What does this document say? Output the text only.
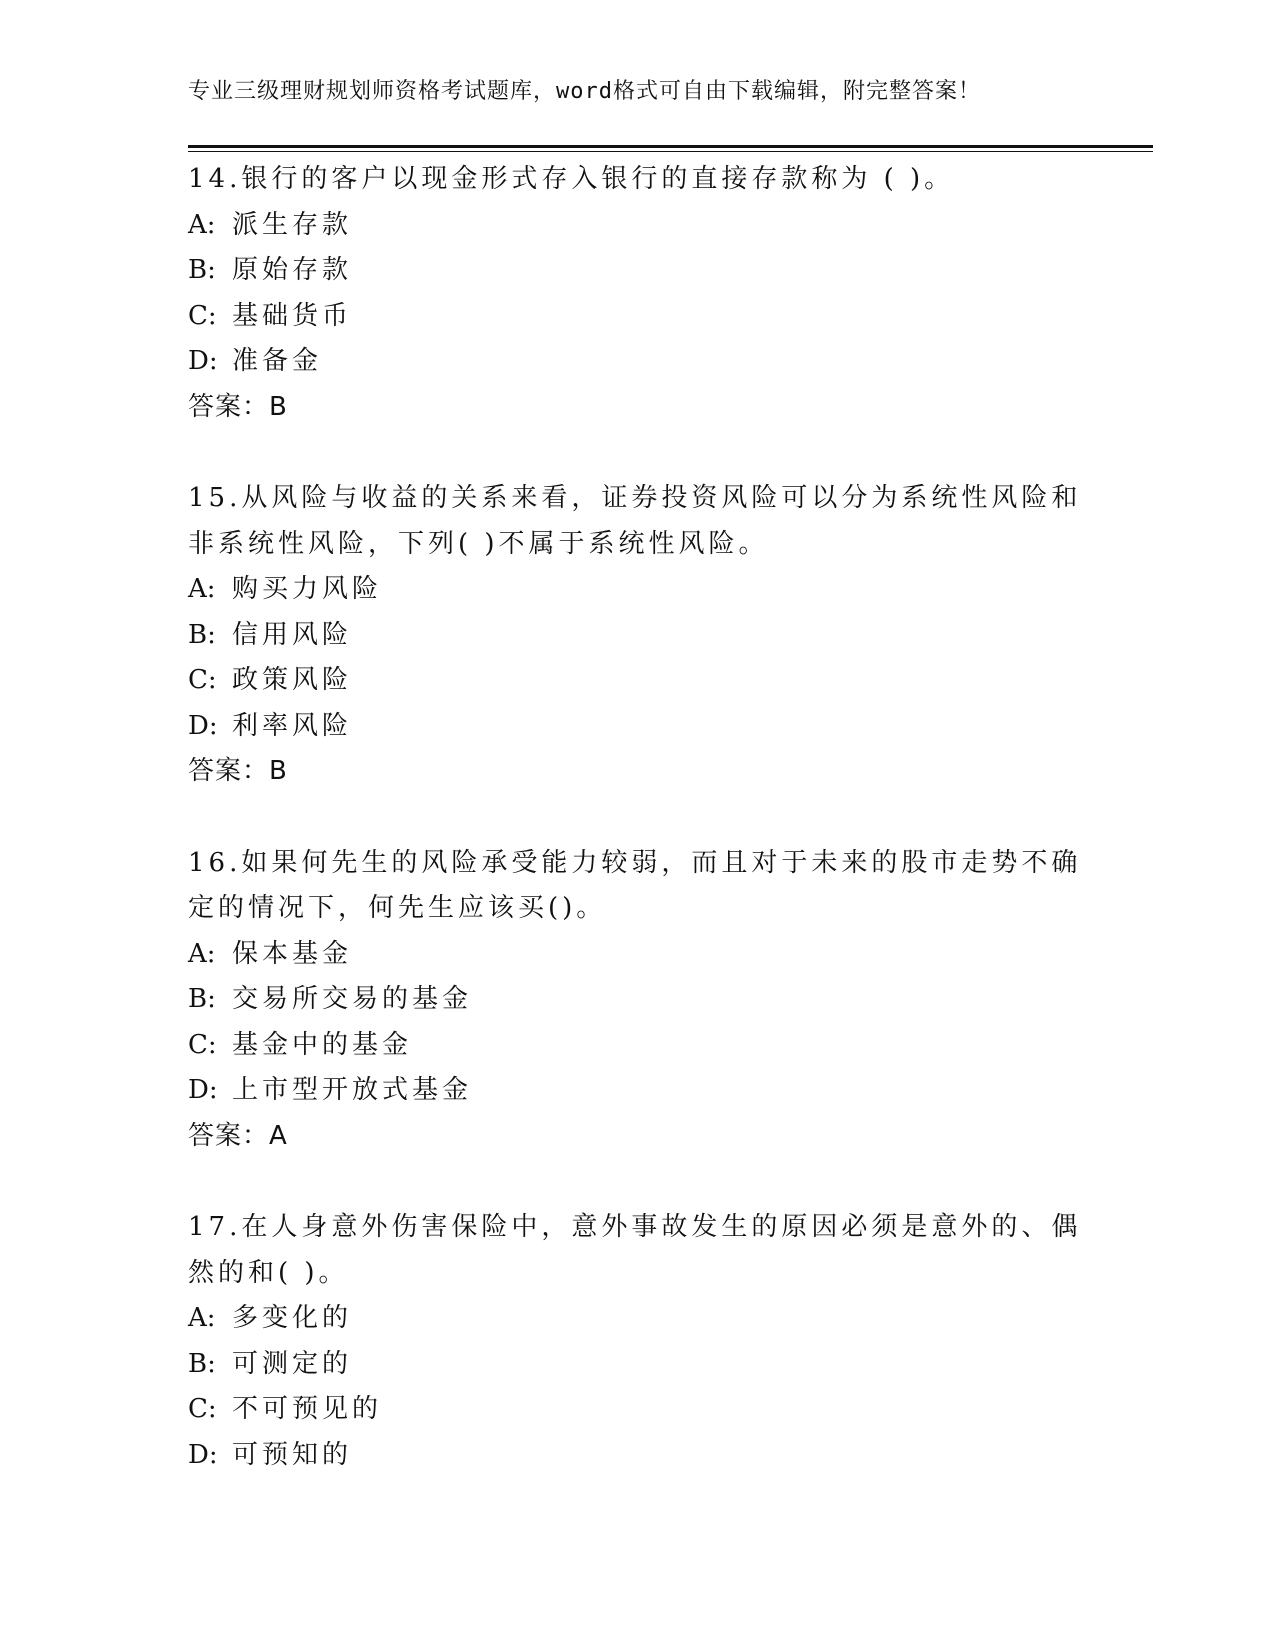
专业三级理财规划师资格考试题库，word格式可自由下载编辑，附完整答案！
14.银行的客户以现金形式存入银行的直接存款称为 ( )。
A: 派生存款
B: 原始存款
C: 基础货币
D: 准备金
答案：B
15.从风险与收益的关系来看，证券投资风险可以分为系统性风险和非系统性风险，下列( )不属于系统性风险。
A: 购买力风险
B: 信用风险
C: 政策风险
D: 利率风险
答案：B
16.如果何先生的风险承受能力较弱，而且对于未来的股市走势不确定的情况下，何先生应该买()。
A: 保本基金
B: 交易所交易的基金
C: 基金中的基金
D: 上市型开放式基金
答案：A
17.在人身意外伤害保险中，意外事故发生的原因必须是意外的、偶然的和( )。
A: 多变化的
B: 可测定的
C: 不可预见的
D: 可预知的
